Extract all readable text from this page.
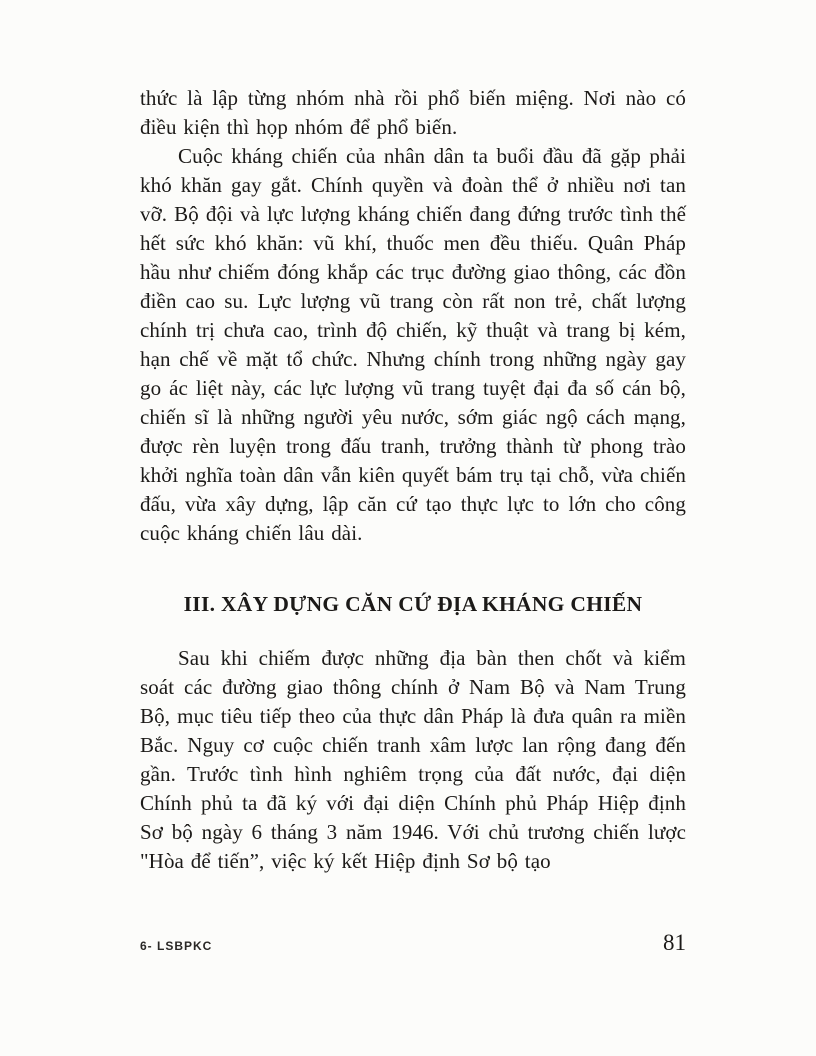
thức là lập từng nhóm nhà rồi phổ biến miệng. Nơi nào có điều kiện thì họp nhóm để phổ biến.

Cuộc kháng chiến của nhân dân ta buổi đầu đã gặp phải khó khăn gay gắt. Chính quyền và đoàn thể ở nhiều nơi tan vỡ. Bộ đội và lực lượng kháng chiến đang đứng trước tình thế hết sức khó khăn: vũ khí, thuốc men đều thiếu. Quân Pháp hầu như chiếm đóng khắp các trục đường giao thông, các đồn điền cao su. Lực lượng vũ trang còn rất non trẻ, chất lượng chính trị chưa cao, trình độ chiến, kỹ thuật và trang bị kém, hạn chế về mặt tổ chức. Nhưng chính trong những ngày gay go ác liệt này, các lực lượng vũ trang tuyệt đại đa số cán bộ, chiến sĩ là những người yêu nước, sớm giác ngộ cách mạng, được rèn luyện trong đấu tranh, trưởng thành từ phong trào khởi nghĩa toàn dân vẫn kiên quyết bám trụ tại chỗ, vừa chiến đấu, vừa xây dựng, lập căn cứ tạo thực lực to lớn cho công cuộc kháng chiến lâu dài.

III. XÂY DỰNG CĂN CỨ ĐỊA KHÁNG CHIẾN

Sau khi chiếm được những địa bàn then chốt và kiểm soát các đường giao thông chính ở Nam Bộ và Nam Trung Bộ, mục tiêu tiếp theo của thực dân Pháp là đưa quân ra miền Bắc. Nguy cơ cuộc chiến tranh xâm lược lan rộng đang đến gần. Trước tình hình nghiêm trọng của đất nước, đại diện Chính phủ ta đã ký với đại diện Chính phủ Pháp Hiệp định Sơ bộ ngày 6 tháng 3 năm 1946. Với chủ trương chiến lược "Hòa để tiến”, việc ký kết Hiệp định Sơ bộ tạo

6- LSBPKC	81
